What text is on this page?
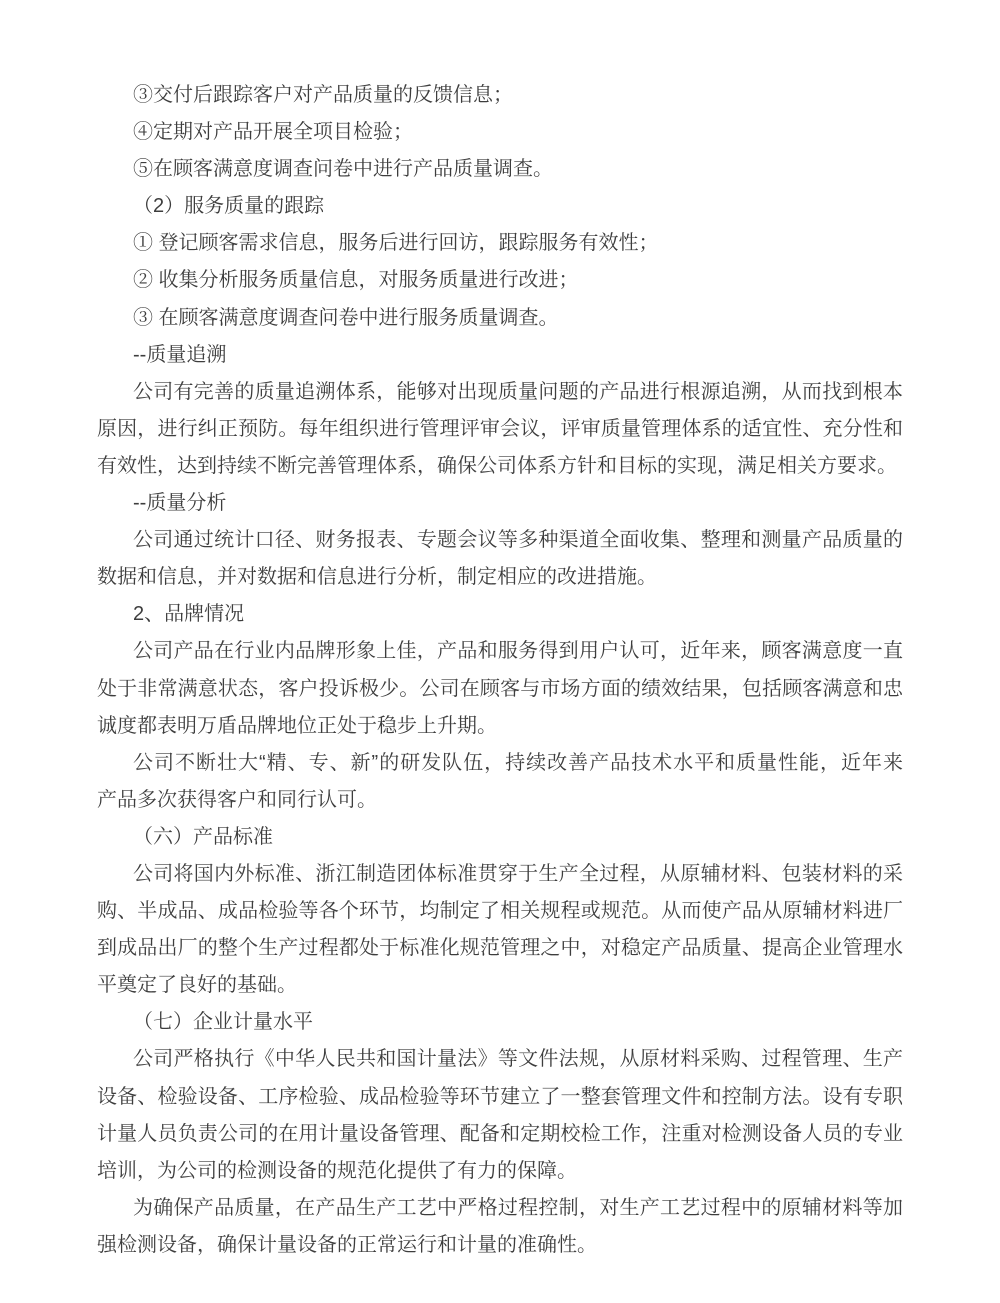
③交付后跟踪客户对产品质量的反馈信息；
④定期对产品开展全项目检验；
⑤在顾客满意度调查问卷中进行产品质量调查。
（2）服务质量的跟踪
① 登记顾客需求信息，服务后进行回访，跟踪服务有效性；
② 收集分析服务质量信息，对服务质量进行改进；
③ 在顾客满意度调查问卷中进行服务质量调查。
--质量追溯
公司有完善的质量追溯体系，能够对出现质量问题的产品进行根源追溯，从而找到根本
原因，进行纠正预防。每年组织进行管理评审会议，评审质量管理体系的适宜性、充分性和
有效性，达到持续不断完善管理体系，确保公司体系方针和目标的实现，满足相关方要求。
--质量分析
公司通过统计口径、财务报表、专题会议等多种渠道全面收集、整理和测量产品质量的
数据和信息，并对数据和信息进行分析，制定相应的改进措施。
2、品牌情况
公司产品在行业内品牌形象上佳，产品和服务得到用户认可，近年来，顾客满意度一直
处于非常满意状态，客户投诉极少。公司在顾客与市场方面的绩效结果，包括顾客满意和忠
诚度都表明万盾品牌地位正处于稳步上升期。
公司不断壮大“精、专、新”的研发队伍，持续改善产品技术水平和质量性能，近年来
产品多次获得客户和同行认可。
（六）产品标准
公司将国内外标准、浙江制造团体标准贯穿于生产全过程，从原辅材料、包装材料的采
购、半成品、成品检验等各个环节，均制定了相关规程或规范。从而使产品从原辅材料进厂
到成品出厂的整个生产过程都处于标准化规范管理之中，对稳定产品质量、提高企业管理水
平奠定了良好的基础。
（七）企业计量水平
公司严格执行《中华人民共和国计量法》等文件法规，从原材料采购、过程管理、生产
设备、检验设备、工序检验、成品检验等环节建立了一整套管理文件和控制方法。设有专职
计量人员负责公司的在用计量设备管理、配备和定期校检工作，注重对检测设备人员的专业
培训，为公司的检测设备的规范化提供了有力的保障。
为确保产品质量，在产品生产工艺中严格过程控制，对生产工艺过程中的原辅材料等加
强检测设备，确保计量设备的正常运行和计量的准确性。
